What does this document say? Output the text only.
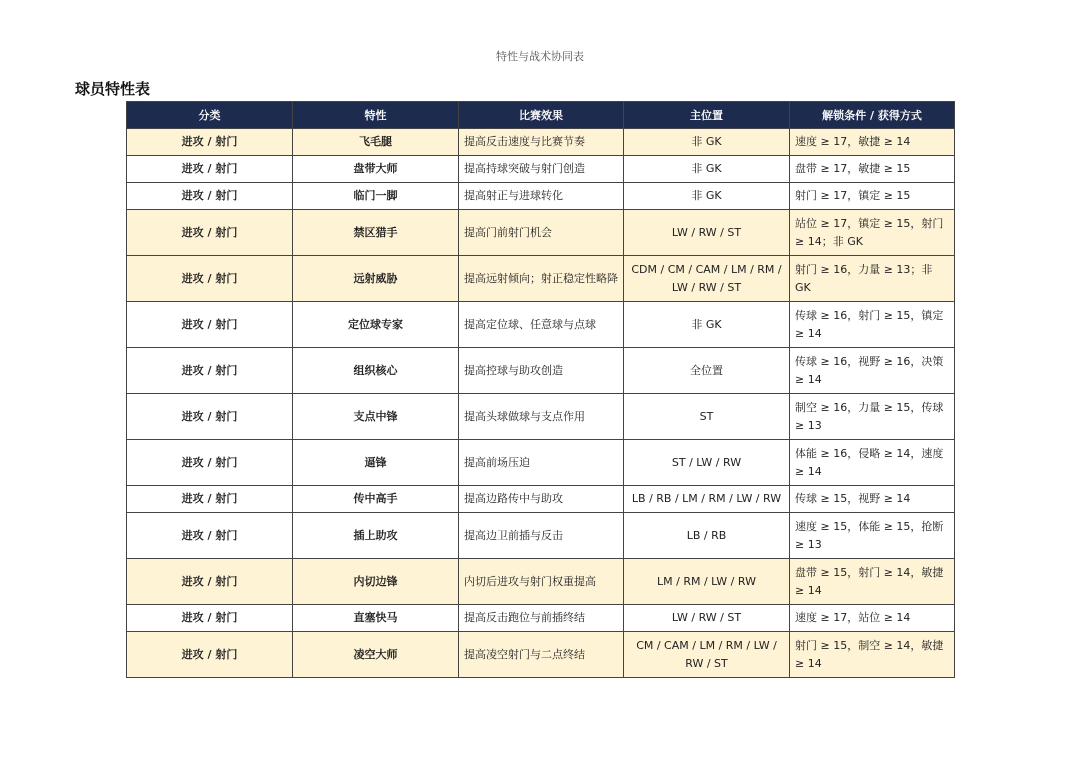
特性与战术协同表
球员特性表
分类	特性	比赛效果	主位置	解锁条件 / 获得方式
进攻 / 射门	飞毛腿	提高反击速度与比赛节奏	非 GK	速度 ≥ 17，敏捷 ≥ 14
进攻 / 射门	盘带大师	提高持球突破与射门创造	非 GK	盘带 ≥ 17，敏捷 ≥ 15
进攻 / 射门	临门一脚	提高射正与进球转化	非 GK	射门 ≥ 17，镇定 ≥ 15
进攻 / 射门	禁区猎手	提高门前射门机会	LW / RW / ST	站位 ≥ 17，镇定 ≥ 15，射门 ≥ 14；非 GK
进攻 / 射门	远射威胁	提高远射倾向；射正稳定性略降	CDM / CM / CAM / LM / RM / LW / RW / ST	射门 ≥ 16，力量 ≥ 13；非 GK
进攻 / 射门	定位球专家	提高定位球、任意球与点球	非 GK	传球 ≥ 16，射门 ≥ 15，镇定 ≥ 14
进攻 / 射门	组织核心	提高控球与助攻创造	全位置	传球 ≥ 16，视野 ≥ 16，决策 ≥ 14
进攻 / 射门	支点中锋	提高头球做球与支点作用	ST	制空 ≥ 16，力量 ≥ 15，传球 ≥ 13
进攻 / 射门	逼锋	提高前场压迫	ST / LW / RW	体能 ≥ 16，侵略 ≥ 14，速度 ≥ 14
进攻 / 射门	传中高手	提高边路传中与助攻	LB / RB / LM / RM / LW / RW	传球 ≥ 15，视野 ≥ 14
进攻 / 射门	插上助攻	提高边卫前插与反击	LB / RB	速度 ≥ 15，体能 ≥ 15，抢断 ≥ 13
进攻 / 射门	内切边锋	内切后进攻与射门权重提高	LM / RM / LW / RW	盘带 ≥ 15，射门 ≥ 14，敏捷 ≥ 14
进攻 / 射门	直塞快马	提高反击跑位与前插终结	LW / RW / ST	速度 ≥ 17，站位 ≥ 14
进攻 / 射门	凌空大师	提高凌空射门与二点终结	CM / CAM / LM / RM / LW / RW / ST	射门 ≥ 15，制空 ≥ 14，敏捷 ≥ 14
